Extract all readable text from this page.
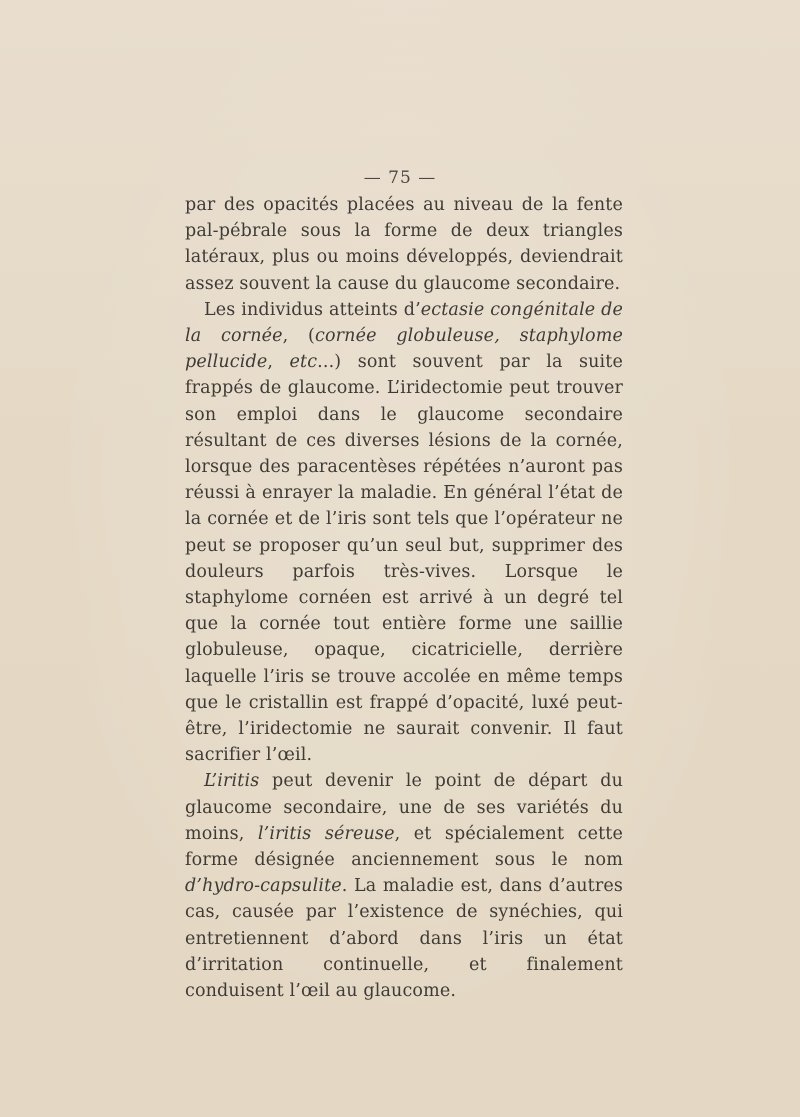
— 75 —

par des opacités placées au niveau de la fente pal-pébrale sous la forme de deux triangles latéraux, plus ou moins développés, deviendrait assez souvent la cause du glaucome secondaire.

Les individus atteints d’ectasie congénitale de la cornée, (cornée globuleuse, staphylome pellucide, etc...) sont souvent par la suite frappés de glaucome. L’iridectomie peut trouver son emploi dans le glaucome secondaire résultant de ces diverses lésions de la cornée, lorsque des paracentèses répétées n’auront pas réussi à enrayer la maladie. En général l’état de la cornée et de l’iris sont tels que l’opérateur ne peut se proposer qu’un seul but, supprimer des douleurs parfois très-vives. Lorsque le staphylome cornéen est arrivé à un degré tel que la cornée tout entière forme une saillie globuleuse, opaque, cicatricielle, derrière laquelle l’iris se trouve accolée en même temps que le cristallin est frappé d’opacité, luxé peut-être, l’iridectomie ne saurait convenir. Il faut sacrifier l’œil.

L’iritis peut devenir le point de départ du glaucome secondaire, une de ses variétés du moins, l’iritis séreuse, et spécialement cette forme désignée anciennement sous le nom d’hydro-capsulite. La maladie est, dans d’autres cas, causée par l’existence de synéchies, qui entretiennent d’abord dans l’iris un état d’irritation continuelle, et finalement conduisent l’œil au glaucome.
